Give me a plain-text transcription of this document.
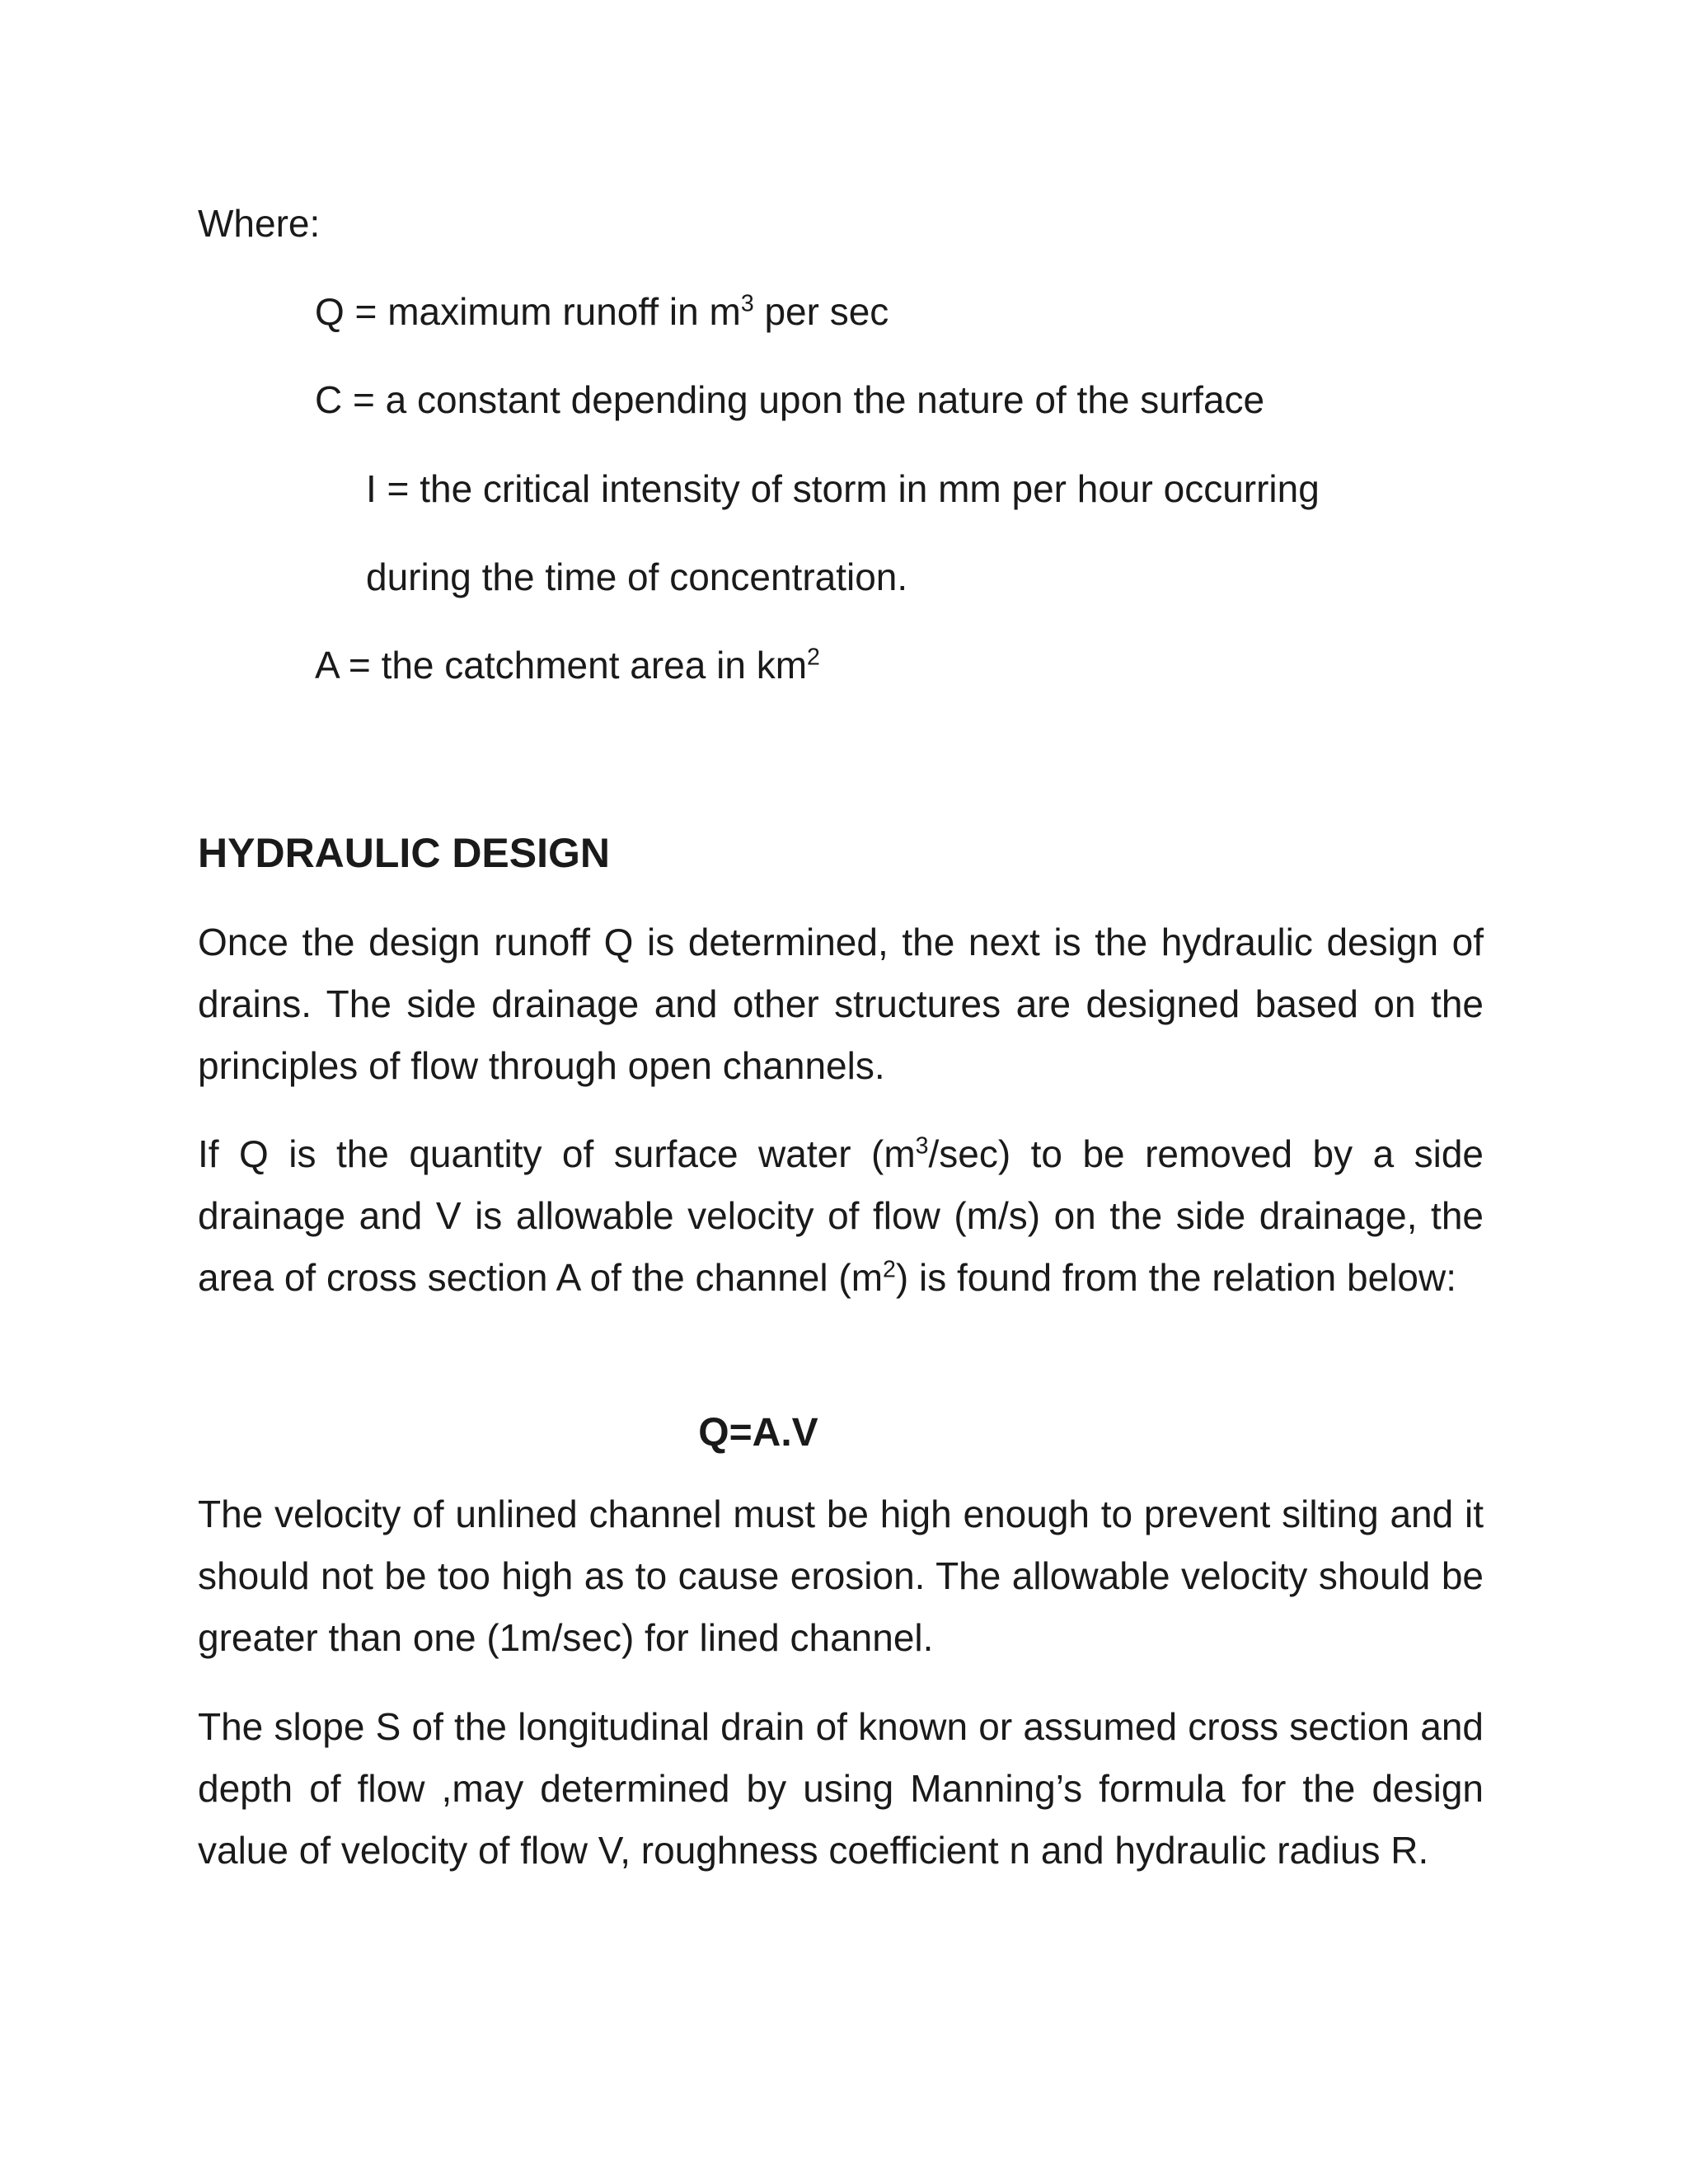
Where:
Q = maximum runoff in $m^3$ per sec
C = a constant depending upon the nature of the surface
I = the critical intensity of storm in mm per hour occurring
during the time of concentration.
A = the catchment area in $km^2$
HYDRAULIC DESIGN
Once the design runoff Q is determined, the next is the hydraulic design of drains. The side drainage and other structures are designed based on the principles of flow through open channels.
If Q is the quantity of surface water $(m^3/\sec)$ to be removed by a side drainage and V is allowable velocity of flow (m/s) on the side drainage, the area of cross section A of the channel $(m^2)$ is found from the relation below:
Q=A.V
The velocity of unlined channel must be high enough to prevent silting and it should not be too high as to cause erosion. The allowable velocity should be greater than one (1m/sec) for lined channel.
The slope S of the longitudinal drain of known or assumed cross section and depth of flow ,may determined by using Manning’s formula for the design value of velocity of flow V, roughness coefficient n and hydraulic radius R.
